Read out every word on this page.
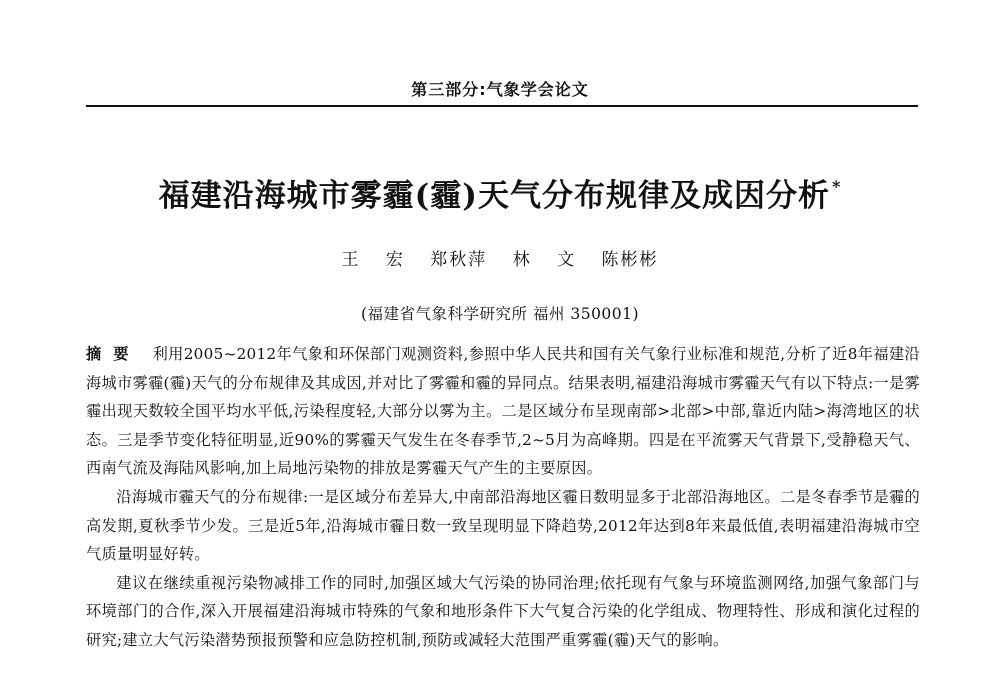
第三部分:气象学会论文
福建沿海城市雾霾(霾)天气分布规律及成因分析 *
王 宏 郑秋萍 林 文 陈彬彬
(福建省气象科学研究所 福州 350001)

摘要 利用2005~2012年气象和环保部门观测资料,参照中华人民共和国有关气象行业标准和规范,分析了近8年福建沿海城市雾霾(霾)天气的分布规律及其成因,并对比了雾霾和霾的异同点。结果表明,福建沿海城市雾霾天气有以下特点:一是雾霾出现天数较全国平均水平低,污染程度轻,大部分以雾为主。二是区域分布呈现南部>北部>中部,靠近内陆>海湾地区的状态。三是季节变化特征明显,近90%的雾霾天气发生在冬春季节,2~5月为高峰期。四是在平流雾天气背景下,受静稳天气、西南气流及海陆风影响,加上局地污染物的排放是雾霾天气产生的主要原因。

沿海城市霾天气的分布规律:一是区域分布差异大,中南部沿海地区霾日数明显多于北部沿海地区。二是冬春季节是霾的高发期,夏秋季节少发。三是近5年,沿海城市霾日数一致呈现明显下降趋势,2012年达到8年来最低值,表明福建沿海城市空气质量明显好转。

建议在继续重视污染物减排工作的同时,加强区域大气污染的协同治理;依托现有气象与环境监测网络,加强气象部门与环境部门的合作,深入开展福建沿海城市特殊的气象和地形条件下大气复合污染的化学组成、物理特性、形成和演化过程的研究;建立大气污染潜势预报预警和应急防控机制,预防或减轻大范围严重雾霾(霾)天气的影响。
